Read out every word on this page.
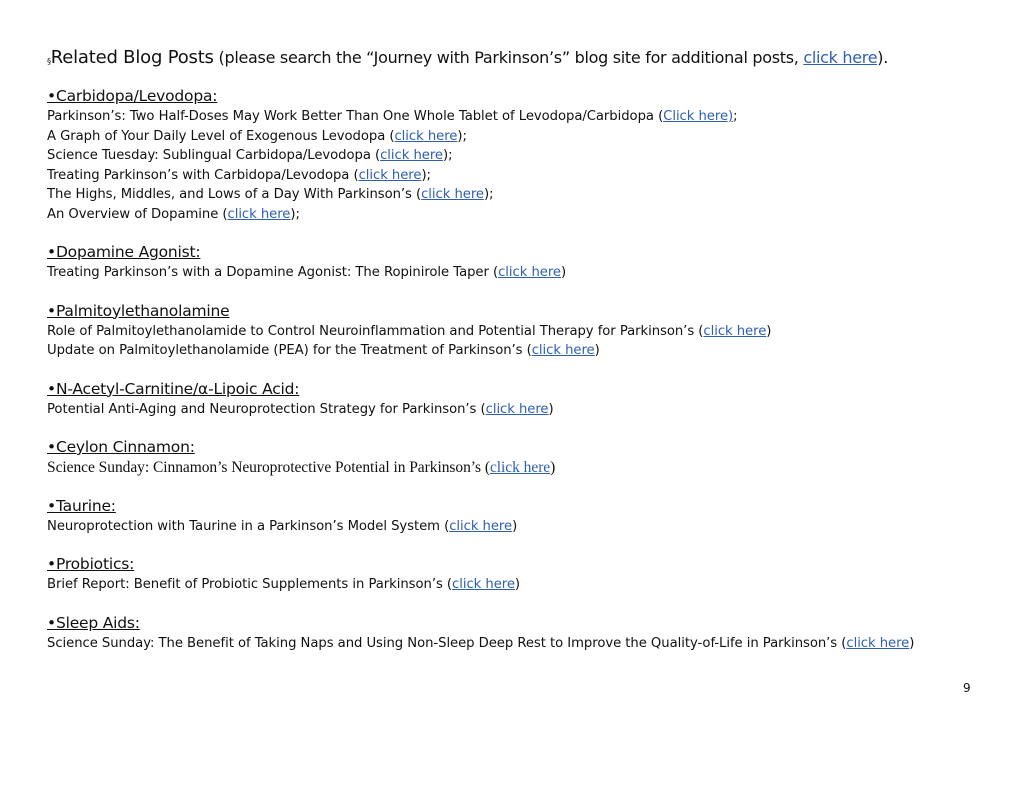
§Related Blog Posts (please search the “Journey with Parkinson’s” blog site for additional posts, click here).
•Carbidopa/Levodopa:
Parkinson’s: Two Half-Doses May Work Better Than One Whole Tablet of Levodopa/Carbidopa (Click here);
A Graph of Your Daily Level of Exogenous Levodopa (click here);
Science Tuesday: Sublingual Carbidopa/Levodopa (click here);
Treating Parkinson’s with Carbidopa/Levodopa (click here);
The Highs, Middles, and Lows of a Day With Parkinson’s (click here);
An Overview of Dopamine (click here);
•Dopamine Agonist:
Treating Parkinson’s with a Dopamine Agonist: The Ropinirole Taper (click here)
•Palmitoylethanolamine
Role of Palmitoylethanolamide to Control Neuroinflammation and Potential Therapy for Parkinson’s (click here)
Update on Palmitoylethanolamide (PEA) for the Treatment of Parkinson’s (click here)
•N-Acetyl-Carnitine/α-Lipoic Acid:
Potential Anti-Aging and Neuroprotection Strategy for Parkinson’s (click here)
•Ceylon Cinnamon:
Science Sunday: Cinnamon’s Neuroprotective Potential in Parkinson’s (click here)
•Taurine:
Neuroprotection with Taurine in a Parkinson’s Model System (click here)
•Probiotics:
Brief Report: Benefit of Probiotic Supplements in Parkinson’s (click here)
•Sleep Aids:
Science Sunday: The Benefit of Taking Naps and Using Non-Sleep Deep Rest to Improve the Quality-of-Life in Parkinson’s (click here)
9
